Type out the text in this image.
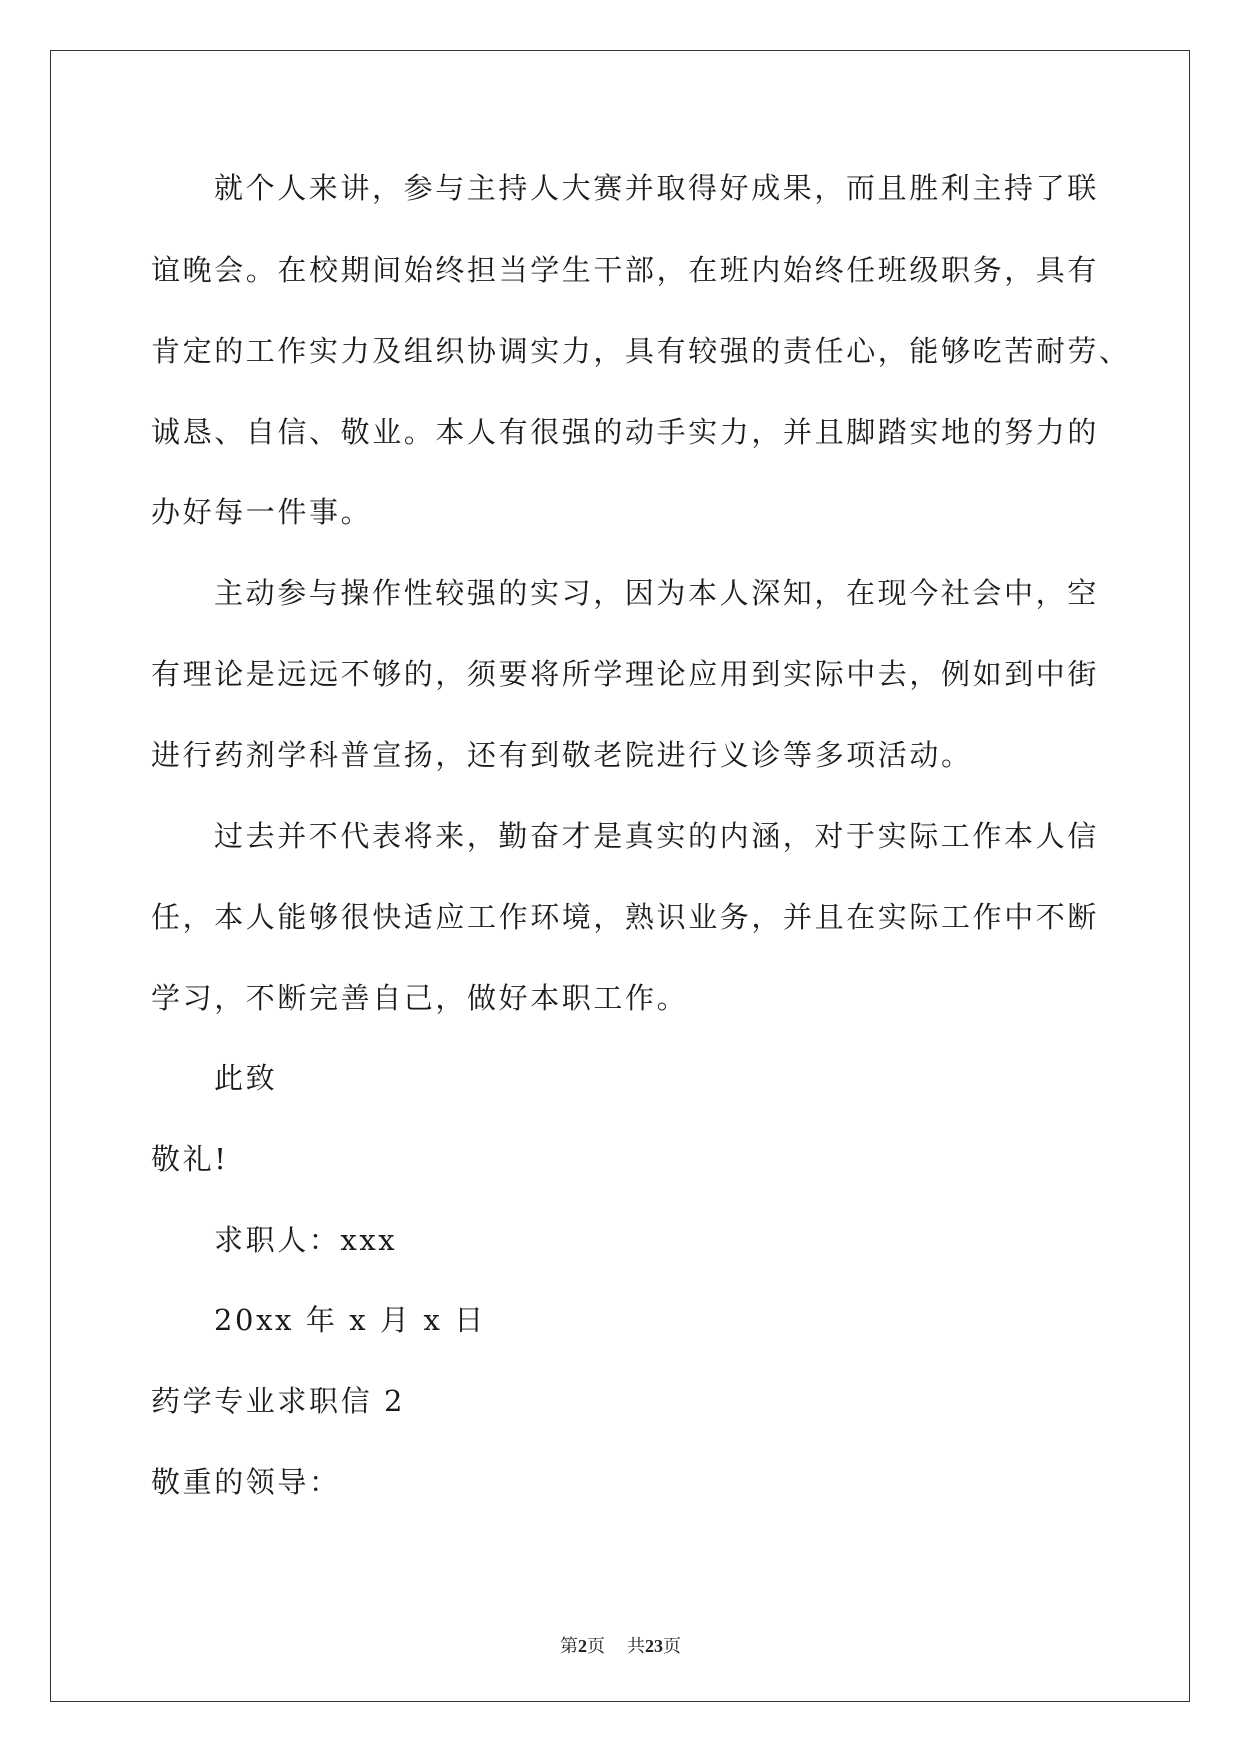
就个人来讲，参与主持人大赛并取得好成果，而且胜利主持了联
谊晚会。在校期间始终担当学生干部，在班内始终任班级职务，具有
肯定的工作实力及组织协调实力，具有较强的责任心，能够吃苦耐劳、
诚恳、自信、敬业。本人有很强的动手实力，并且脚踏实地的努力的
办好每一件事。
主动参与操作性较强的实习，因为本人深知，在现今社会中，空
有理论是远远不够的，须要将所学理论应用到实际中去，例如到中街
进行药剂学科普宣扬，还有到敬老院进行义诊等多项活动。
过去并不代表将来，勤奋才是真实的内涵，对于实际工作本人信
任，本人能够很快适应工作环境，熟识业务，并且在实际工作中不断
学习，不断完善自己，做好本职工作。
此致
敬礼!
求职人：xxx
20xx 年 x 月 x 日
药学专业求职信 2
敬重的领导：
第2页 共23页
